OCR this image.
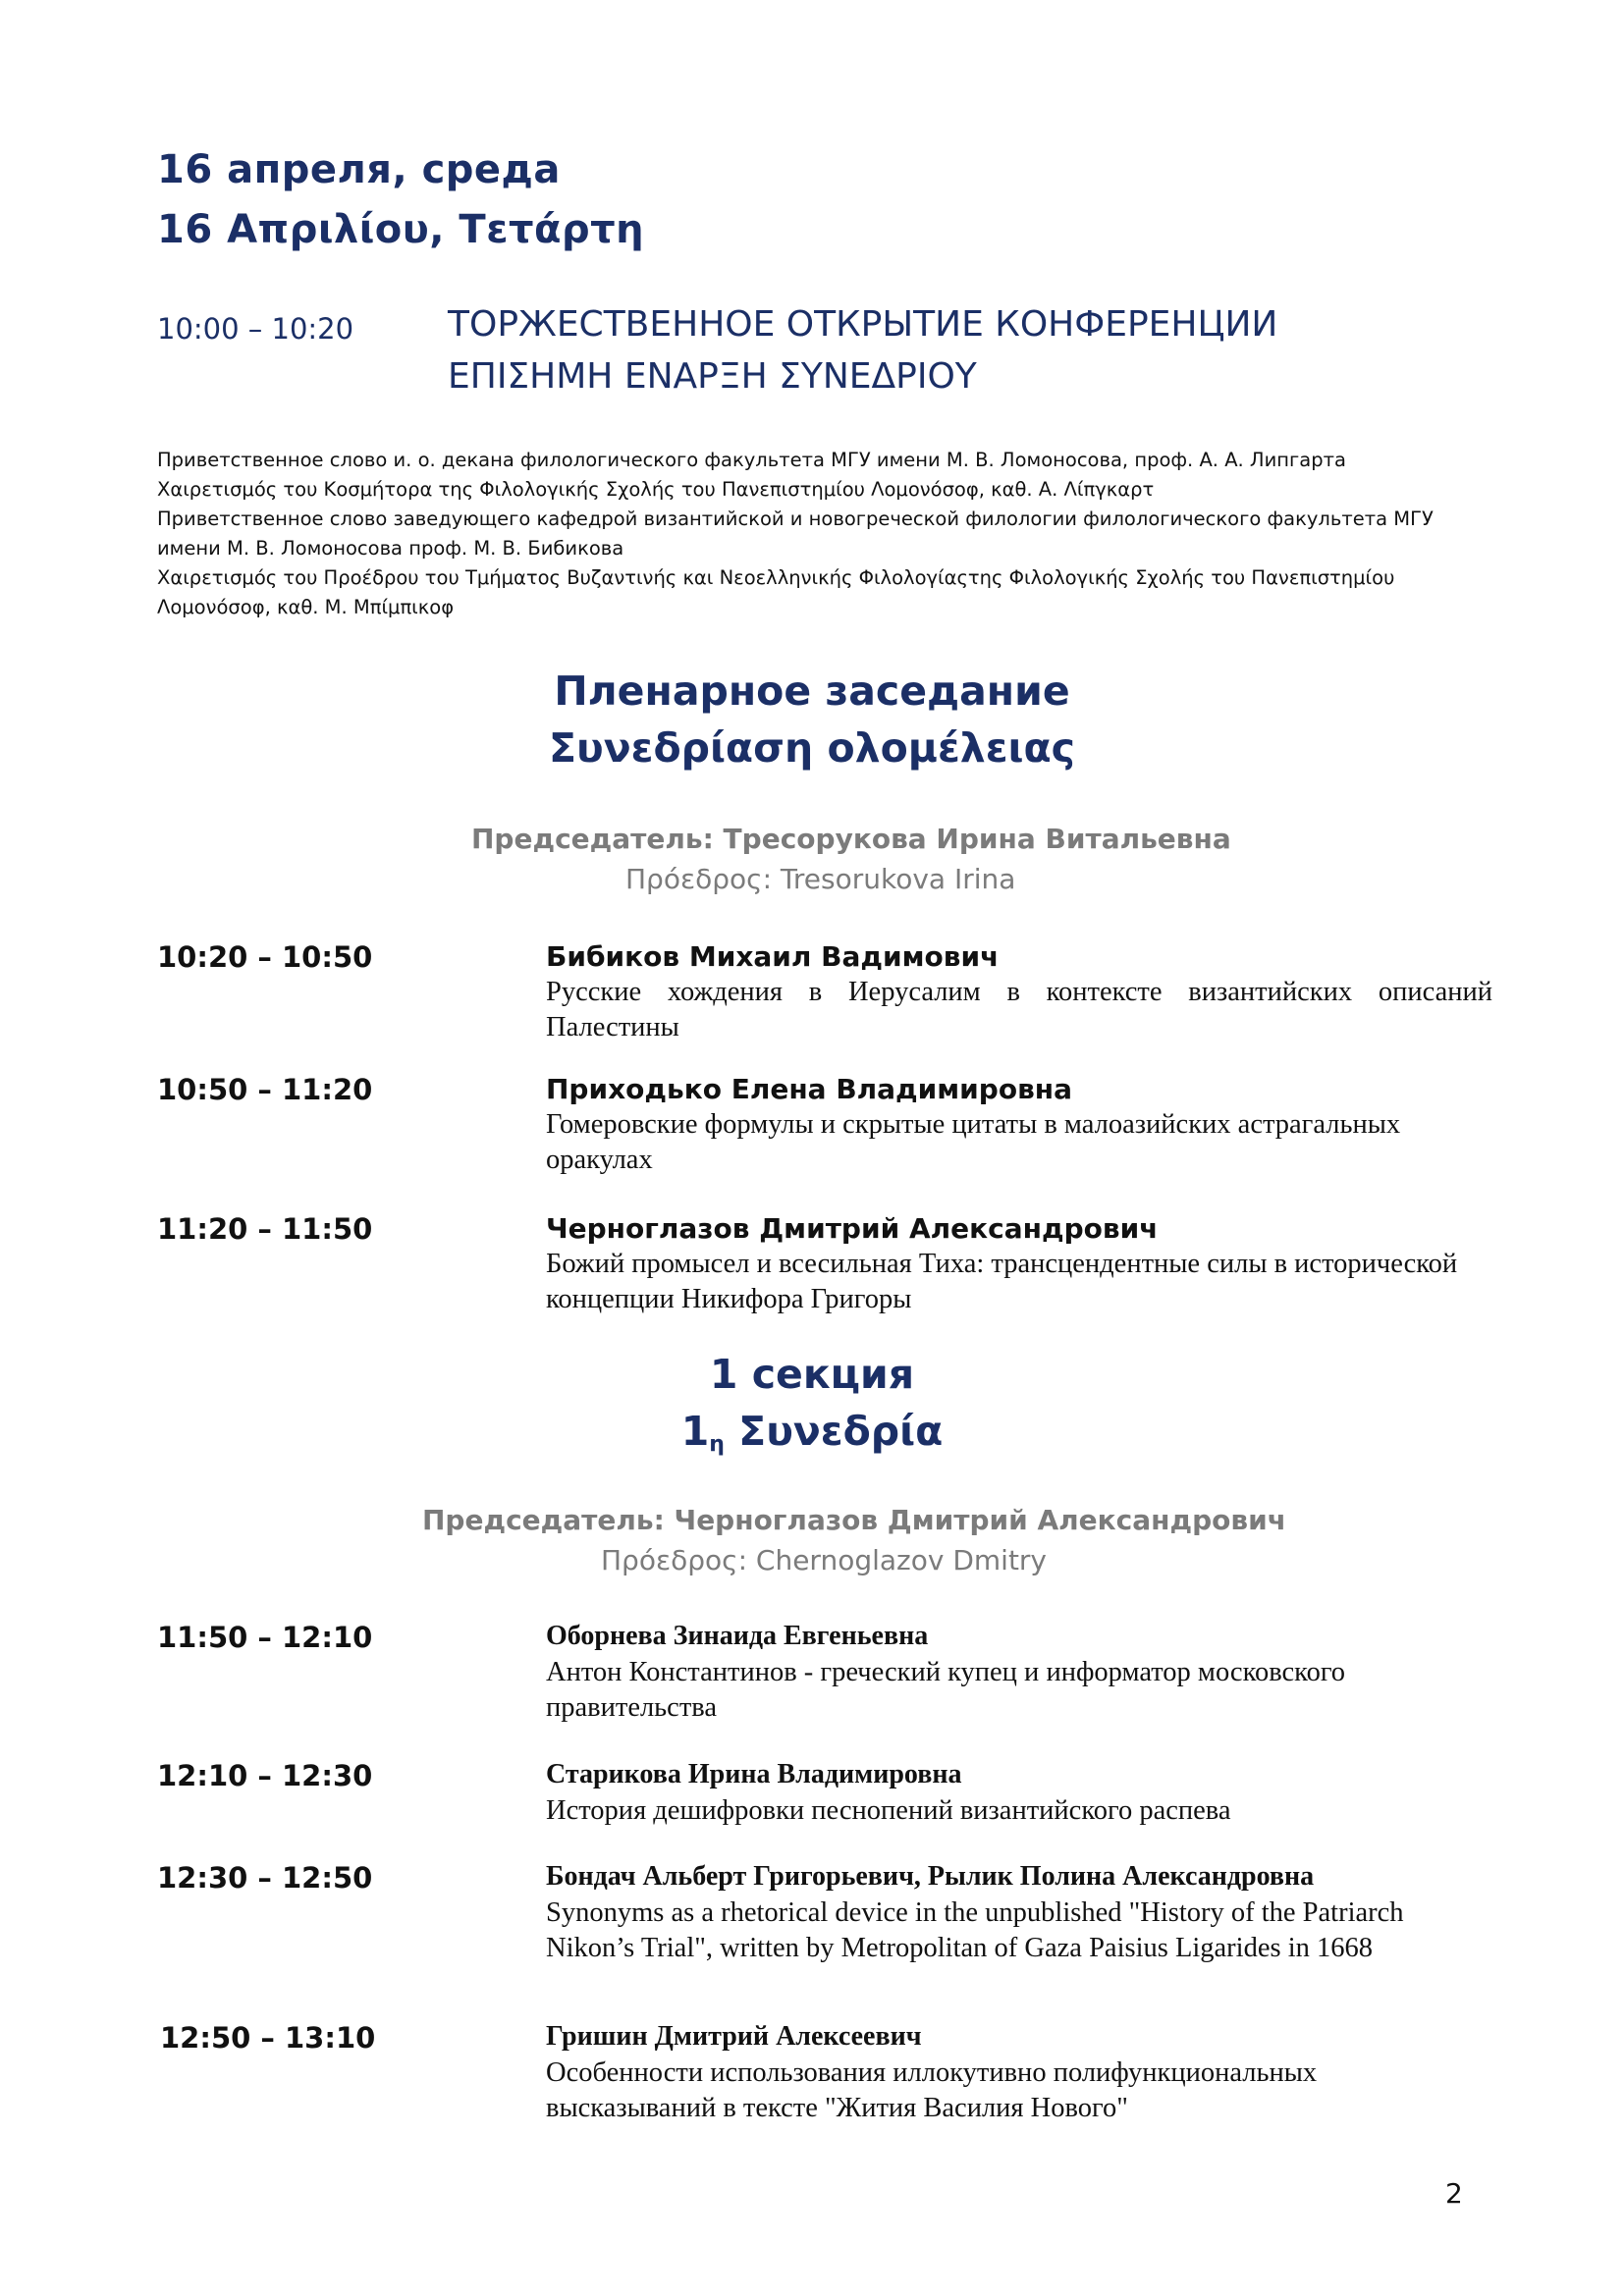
16 апреля, среда
16 Απριλίου, Τετάρτη
10:00 – 10:20	ТОРЖЕСТВЕННОЕ ОТКРЫТИЕ КОНФЕРЕНЦИИ
ΕΠΙΣΗΜΗ ΕΝΑΡΞΗ ΣΥΝΕΔΡΙΟΥ
Приветственное слово и. о. декана филологического факультета МГУ имени М. В. Ломоносова, проф. А. А. Липгарта
Χαιρετισμός του Κοσμήτορα της Φιλολογικής Σχολής του Πανεπιστημίου Λομονόσοφ, καθ. Α. Λίπγκαρτ
Приветственное слово заведующего кафедрой византийской и новогреческой филологии филологического факультета МГУ
имени М. В. Ломоносова проф. М. В. Бибикова
Χαιρετισμός του Προέδρου του Τμήματος Βυζαντινής και Νεοελληνικής Φιλολογίαςτης Φιλολογικής Σχολής του Πανεπιστημίου
Λομονόσοφ, καθ. Μ. Μπίμπικοφ
Пленарное заседание
Συνεδρίαση ολομέλειας
Председатель: Тресорукова Ирина Витальевна
Πρόεδρος: Tresorukova Irina
10:20 – 10:50	Бибиков Михаил Вадимович
Русские хождения в Иерусалим в контексте византийских описаний Палестины
10:50 – 11:20	Приходько Елена Владимировна
Гомеровские формулы и скрытые цитаты в малоазийских астрагальных оракулах
11:20 – 11:50	Черноглазов Дмитрий Александрович
Божий промысел и всесильная Тиха: трансцендентные силы в исторической концепции Никифора Григоры
1 секция
$1_\eta$ Συνεδρία
Председатель: Черноглазов Дмитрий Александрович
Πρόεδρος: Chernoglazov Dmitry
11:50 – 12:10	Оборнева Зинаида Евгеньевна
Антон Константинов - греческий купец и информатор московского правительства
12:10 – 12:30	Старикова Ирина Владимировна
История дешифровки песнопений византийского распева
12:30 – 12:50	Бондач Альберт Григорьевич, Рылик Полина Александровна
Synonyms as a rhetorical device in the unpublished "History of the Patriarch Nikon’s Trial", written by Metropolitan of Gaza Paisius Ligarides in 1668
12:50 – 13:10	Гришин Дмитрий Алексеевич
Особенности использования иллокутивно полифункциональных высказываний в тексте "Жития Василия Нового"
2
